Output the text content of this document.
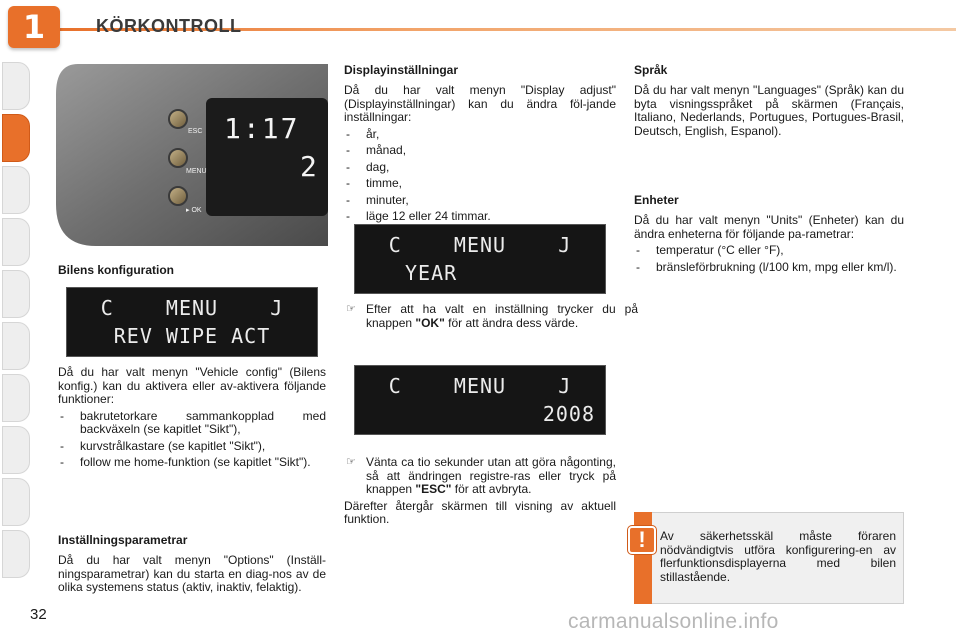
1	KÖRKONTROLL
ESC
MENU
▸ OK
1:17
2
Bilens konfiguration
C    MENU    J
REV WIPE ACT
Då du har valt menyn "Vehicle config" (Bilens konfig.) kan du aktivera eller av-aktivera följande funktioner:
- bakrutetorkare sammankopplad med backväxeln (se kapitlet "Sikt"),
- kurvstrålkastare (se kapitlet "Sikt"),
- follow me home-funktion (se kapitlet "Sikt").
Inställningsparametrar
Då du har valt menyn "Options" (Inställ-ningsparametrar) kan du starta en diag-nos av de olika systemens status (aktiv, inaktiv, felaktig).
Displayinställningar
Då du har valt menyn "Display adjust" (Displayinställningar) kan du ändra föl-jande inställningar:
- år,
- månad,
- dag,
- timme,
- minuter,
- läge 12 eller 24 timmar.
C    MENU    J
YEAR
☞ Efter att ha valt en inställning trycker du på knappen "OK" för att ändra dess värde.
C    MENU    J
2008
☞ Vänta ca tio sekunder utan att göra någonting, så att ändringen registre-ras eller tryck på knappen "ESC" för att avbryta.
Därefter återgår skärmen till visning av aktuell funktion.
Språk
Då du har valt menyn "Languages" (Språk) kan du byta visningsspråket på skärmen (Français, Italiano, Nederlands, Portugues, Portugues-Brasil, Deutsch, English, Espanol).
Enheter
Då du har valt menyn "Units" (Enheter) kan du ändra enheterna för följande pa-rametrar:
- temperatur (°C eller °F),
- bränsleförbrukning (l/100 km, mpg eller km/l).
!	Av säkerhetsskäl måste föraren nödvändigtvis utföra konfigurering-en av flerfunktionsdisplayerna med bilen stillastående.
32	carmanualsonline.info
